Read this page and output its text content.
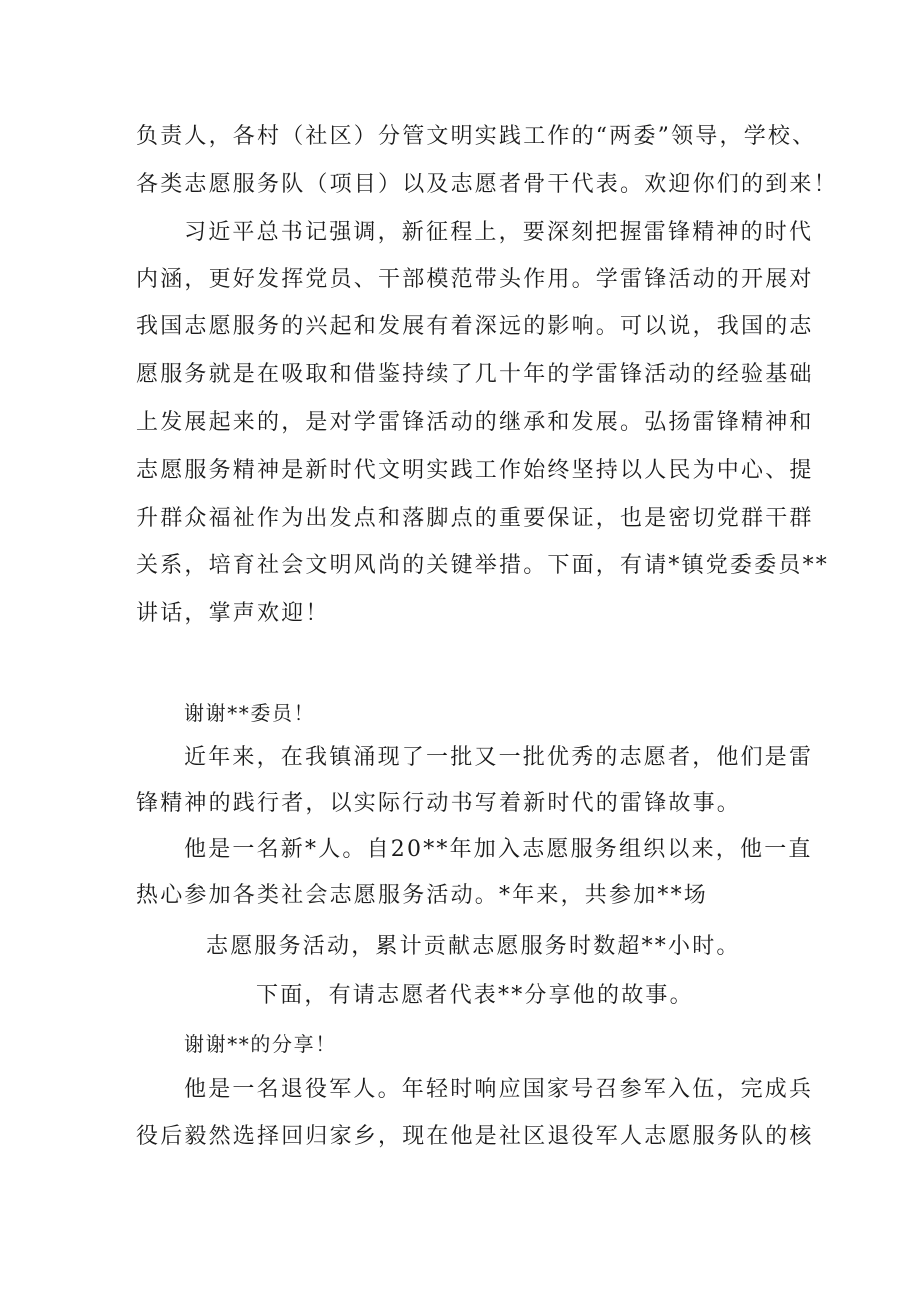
负责人，各村（社区）分管文明实践工作的“两委”领导，学校、
各类志愿服务队（项目）以及志愿者骨干代表。欢迎你们的到来！
习近平总书记强调，新征程上，要深刻把握雷锋精神的时代
内涵，更好发挥党员、干部模范带头作用。学雷锋活动的开展对
我国志愿服务的兴起和发展有着深远的影响。可以说，我国的志
愿服务就是在吸取和借鉴持续了几十年的学雷锋活动的经验基础
上发展起来的，是对学雷锋活动的继承和发展。弘扬雷锋精神和
志愿服务精神是新时代文明实践工作始终坚持以人民为中心、提
升群众福祉作为出发点和落脚点的重要保证，也是密切党群干群
关系，培育社会文明风尚的关键举措。下面，有请*镇党委委员**
讲话，掌声欢迎！
谢谢**委员！
近年来，在我镇涌现了一批又一批优秀的志愿者，他们是雷
锋精神的践行者，以实际行动书写着新时代的雷锋故事。
他是一名新*人。自20**年加入志愿服务组织以来，他一直
热心参加各类社会志愿服务活动。*年来，共参加**场
志愿服务活动，累计贡献志愿服务时数超**小时。
下面，有请志愿者代表**分享他的故事。
谢谢**的分享！
他是一名退役军人。年轻时响应国家号召参军入伍，完成兵
役后毅然选择回归家乡，现在他是社区退役军人志愿服务队的核
